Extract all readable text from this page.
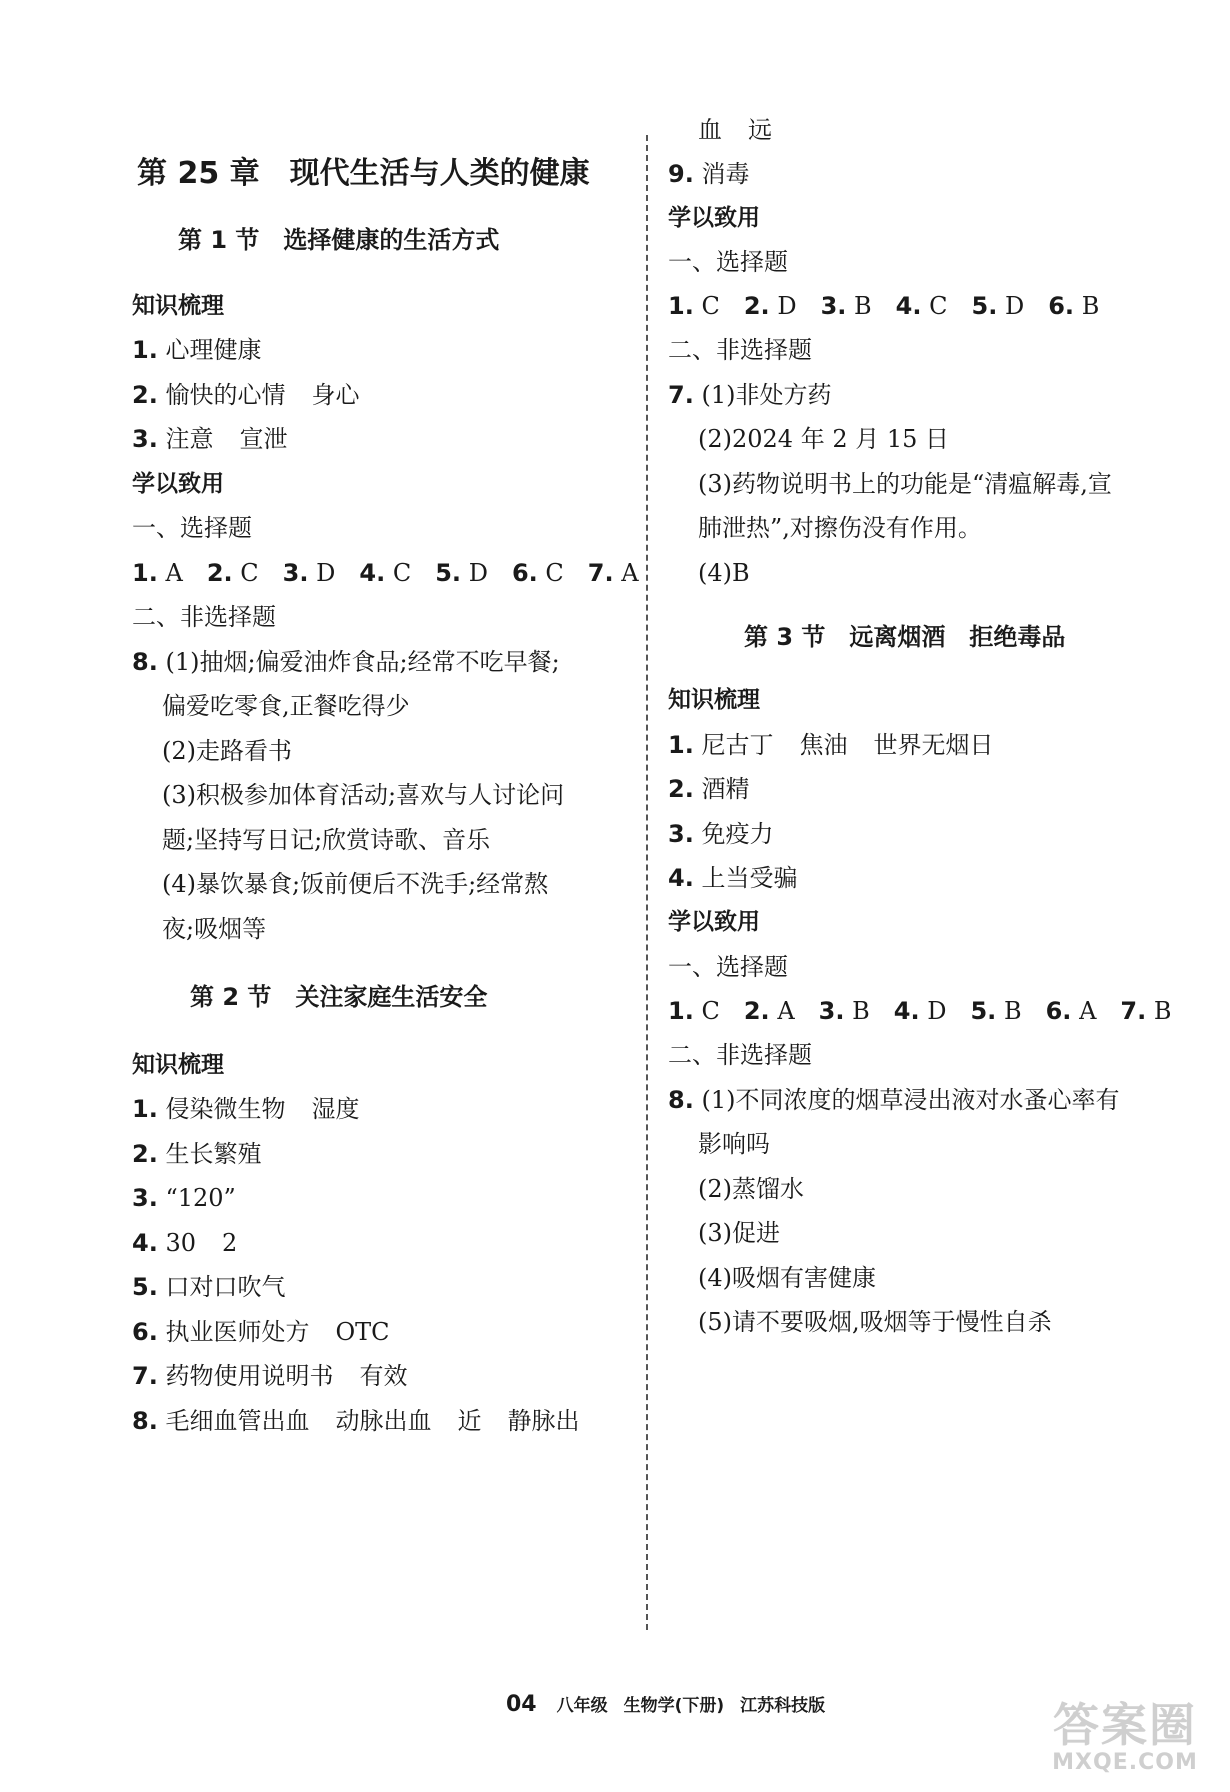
第 25 章　现代生活与人类的健康
第 1 节　选择健康的生活方式
知识梳理
1. 心理健康
2. 愉快的心情 身心
3. 注意 宣泄
学以致用
一、选择题
1. A 2. C 3. D 4. C 5. D 6. C 7. A
二、非选择题
8. (1)抽烟;偏爱油炸食品;经常不吃早餐;
偏爱吃零食,正餐吃得少
(2)走路看书
(3)积极参加体育活动;喜欢与人讨论问
题;坚持写日记;欣赏诗歌、音乐
(4)暴饮暴食;饭前便后不洗手;经常熬
夜;吸烟等
第 2 节　关注家庭生活安全
知识梳理
1. 侵染微生物 湿度
2. 生长繁殖
3. “120”
4. 30 2
5. 口对口吹气
6. 执业医师处方 OTC
7. 药物使用说明书 有效
8. 毛细血管出血 动脉出血 近 静脉出
血 远
9. 消毒
学以致用
一、选择题
1. C 2. D 3. B 4. C 5. D 6. B
二、非选择题
7. (1)非处方药
(2)2024 年 2 月 15 日
(3)药物说明书上的功能是“清瘟解毒,宣
肺泄热”,对擦伤没有作用。
(4)B
第 3 节　远离烟酒　拒绝毒品
知识梳理
1. 尼古丁 焦油 世界无烟日
2. 酒精
3. 免疫力
4. 上当受骗
学以致用
一、选择题
1. C 2. A 3. B 4. D 5. B 6. A 7. B
二、非选择题
8. (1)不同浓度的烟草浸出液对水蚤心率有
影响吗
(2)蒸馏水
(3)促进
(4)吸烟有害健康
(5)请不要吸烟,吸烟等于慢性自杀
04 八年级 生物学(下册) 江苏科技版	答案圈
MXQE.COM
